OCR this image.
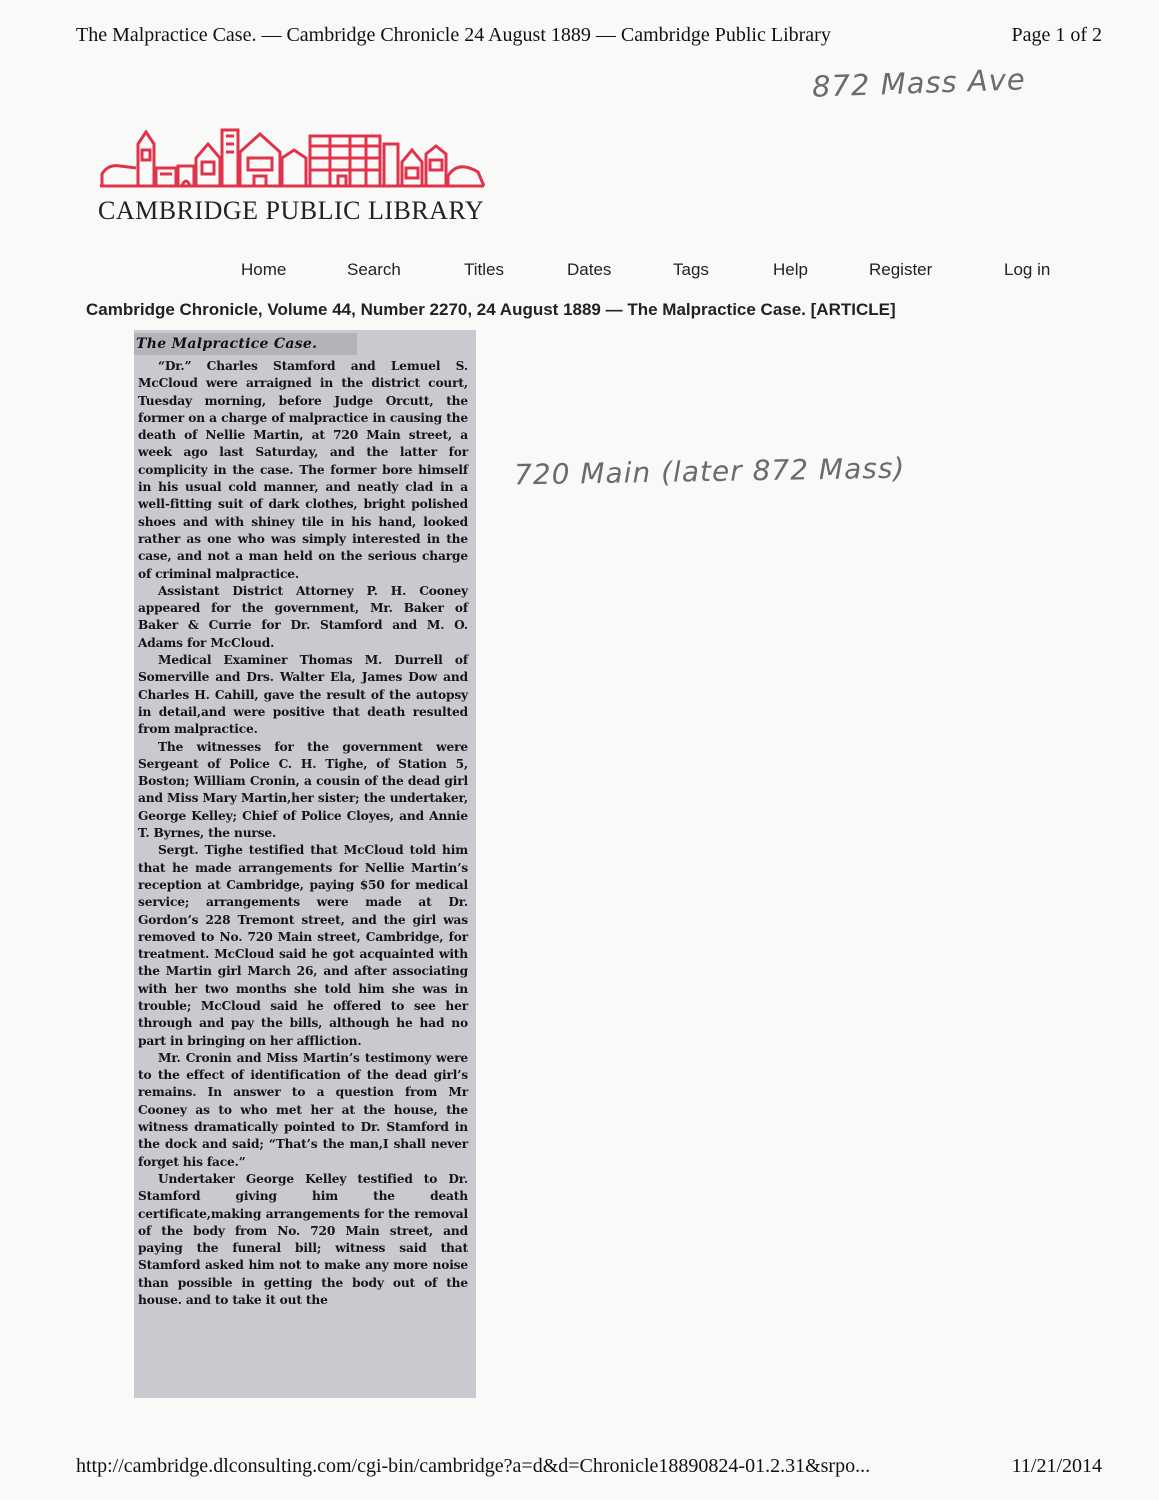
The Malpractice Case. — Cambridge Chronicle 24 August 1889 — Cambridge Public Library	Page 1 of 2
872 Mass Ave
CAMBRIDGE PUBLIC LIBRARY
Home	Search	Titles	Dates	Tags	Help	Register	Log in
Cambridge Chronicle, Volume 44, Number 2270, 24 August 1889 — The Malpractice Case. [ARTICLE]
The Malpractice Case.

“Dr.” Charles Stamford and Lemuel S. McCloud were arraigned in the district court, Tuesday morning, before Judge Orcutt, the former on a charge of malpractice in causing the death of Nellie Martin, at 720 Main street, a week ago last Saturday, and the latter for complicity in the case. The former bore himself in his usual cold manner, and neatly clad in a well-fitting suit of dark clothes, bright polished shoes and with shiney tile in his hand, looked rather as one who was simply interested in the case, and not a man held on the serious charge of criminal malpractice.

Assistant District Attorney P. H. Cooney appeared for the government, Mr. Baker of Baker & Currie for Dr. Stamford and M. O. Adams for McCloud.

Medical Examiner Thomas M. Durrell of Somerville and Drs. Walter Ela, James Dow and Charles H. Cahill, gave the result of the autopsy in detail,and were positive that death resulted from malpractice.

The witnesses for the government were Sergeant of Police C. H. Tighe, of Station 5, Boston; William Cronin, a cousin of the dead girl and Miss Mary Martin,her sister; the undertaker, George Kelley; Chief of Police Cloyes, and Annie T. Byrnes, the nurse.

Sergt. Tighe testified that McCloud told him that he made arrangements for Nellie Martin’s reception at Cambridge, paying $50 for medical service; arrangements were made at Dr. Gordon’s 228 Tremont street, and the girl was removed to No. 720 Main street, Cambridge, for treatment. McCloud said he got acquainted with the Martin girl March 26, and after associating with her two months she told him she was in trouble; McCloud said he offered to see her through and pay the bills, although he had no part in bringing on her affliction.

Mr. Cronin and Miss Martin’s testimony were to the effect of identification of the dead girl’s remains. In answer to a question from Mr Cooney as to who met her at the house, the witness dramatically pointed to Dr. Stamford in the dock and said; “That’s the man,I shall never forget his face.”

Undertaker George Kelley testified to Dr. Stamford giving him the death certificate,making arrangements for the removal of the body from No. 720 Main street, and paying the funeral bill; witness said that Stamford asked him not to make any more noise than possible in getting the body out of the house. and to take it out the

720 Main (later 872 Mass)
http://cambridge.dlconsulting.com/cgi-bin/cambridge?a=d&d=Chronicle18890824-01.2.31&srpo...	11/21/2014
